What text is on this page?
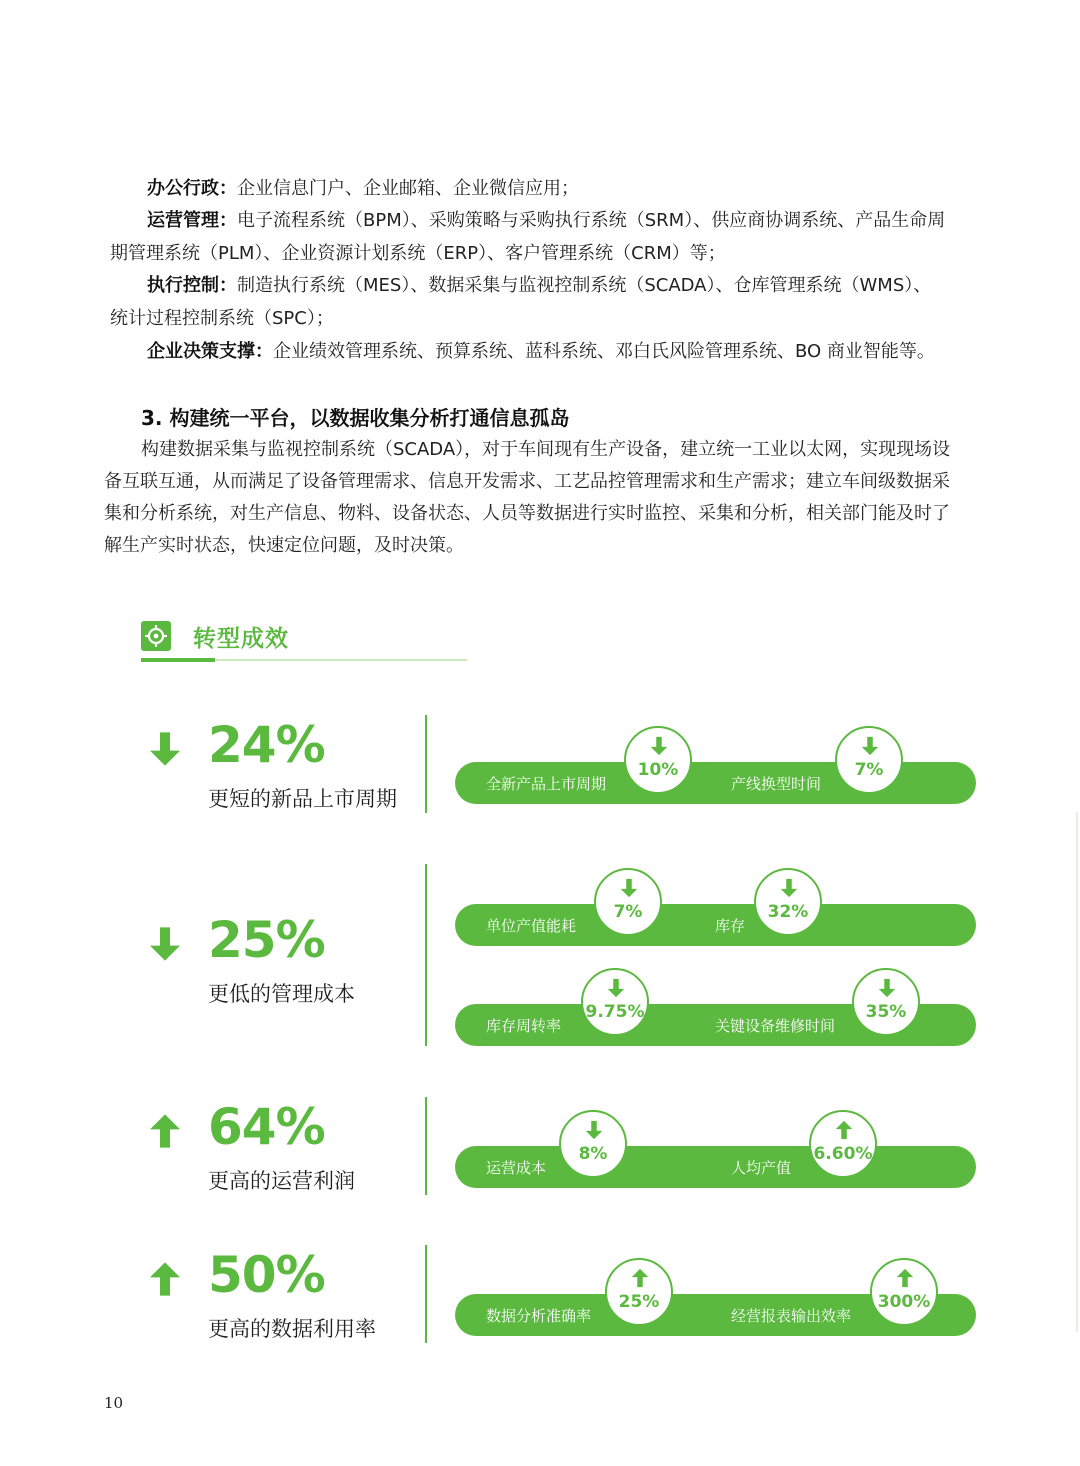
办公行政：企业信息门户、企业邮箱、企业微信应用；
运营管理：电子流程系统（BPM）、采购策略与采购执行系统（SRM）、供应商协调系统、产品生命周
期管理系统（PLM）、企业资源计划系统（ERP）、客户管理系统（CRM）等；
执行控制：制造执行系统（MES）、数据采集与监视控制系统（SCADA）、仓库管理系统（WMS）、
统计过程控制系统（SPC）；
企业决策支撑：企业绩效管理系统、预算系统、蓝科系统、邓白氏风险管理系统、BO 商业智能等。
3. 构建统一平台，以数据收集分析打通信息孤岛
构建数据采集与监视控制系统（SCADA），对于车间现有生产设备，建立统一工业以太网，实现现场设
备互联互通，从而满足了设备管理需求、信息开发需求、工艺品控管理需求和生产需求；建立车间级数据采
集和分析系统，对生产信息、物料、设备状态、人员等数据进行实时监控、采集和分析，相关部门能及时了
解生产实时状态，快速定位问题，及时决策。
转型成效
24%
更短的新品上市周期
全新产品上市周期
10%
产线换型时间
7%
25%
更低的管理成本
单位产值能耗
7%
库存
32%
库存周转率
9.75%
关键设备维修时间
35%
64%
更高的运营利润
运营成本
8%
人均产值
6.60%
50%
更高的数据利用率
数据分析准确率
25%
经营报表输出效率
300%
10
